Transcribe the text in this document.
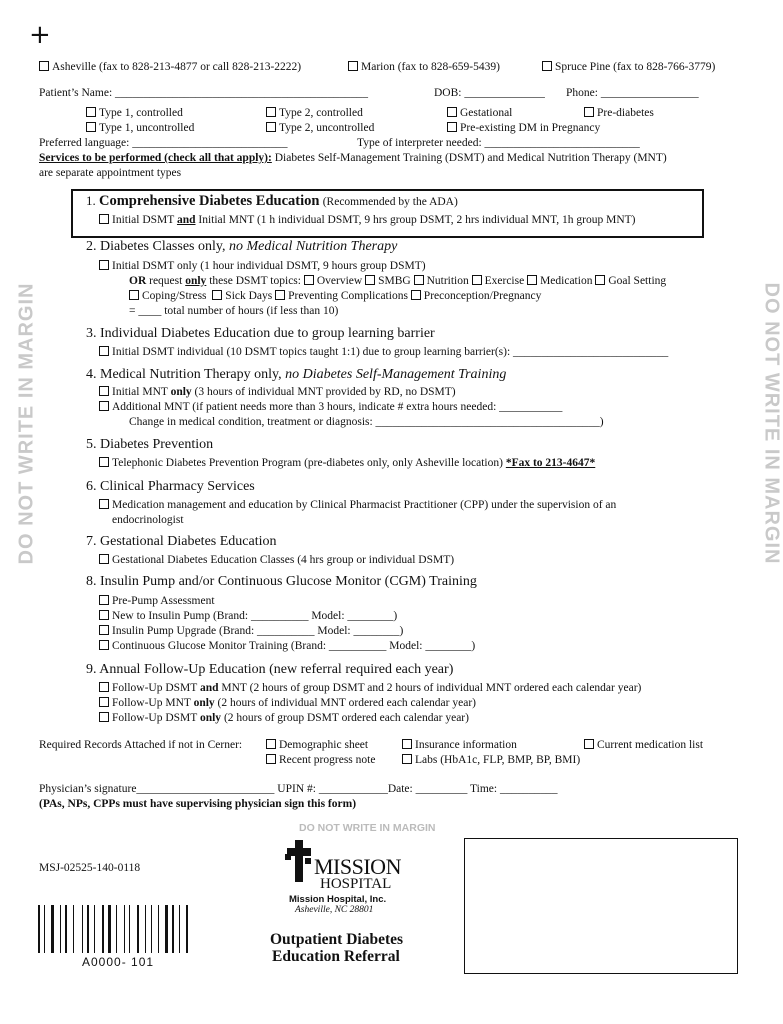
+
DO NOT WRITE IN MARGIN	DO NOT WRITE IN MARGIN
DO NOT WRITE IN MARGIN
Asheville (fax to 828-213-4877 or call 828-213-2222)	Marion (fax to 828-659-5439)	Spruce Pine (fax to 828-766-3779)
Patient’s Name: ____________________________________________	DOB: ______________ Phone: _________________
Type 1, controlled	Type 2, controlled	Gestational	Pre-diabetes
Type 1, uncontrolled	Type 2, uncontrolled	Pre-existing DM in Pregnancy
Preferred language: ___________________________	Type of interpreter needed: ___________________________
Services to be performed (check all that apply): Diabetes Self-Management Training (DSMT) and Medical Nutrition Therapy (MNT)
are separate appointment types
1. Comprehensive Diabetes Education (Recommended by the ADA)
Initial DSMT and Initial MNT (1 h individual DSMT, 9 hrs group DSMT, 2 hrs individual MNT, 1h group MNT)
2. Diabetes Classes only, no Medical Nutrition Therapy
Initial DSMT only (1 hour individual DSMT, 9 hours group DSMT)
OR request only these DSMT topics: Overview SMBG Nutrition Exercise Medication Goal Setting
Coping/Stress Sick Days Preventing Complications Preconception/Pregnancy
= ____ total number of hours (if less than 10)
3. Individual Diabetes Education due to group learning barrier
Initial DSMT individual (10 DSMT topics taught 1:1) due to group learning barrier(s): ___________________________
4. Medical Nutrition Therapy only, no Diabetes Self-Management Training
Initial MNT only (3 hours of individual MNT provided by RD, no DSMT)
Additional MNT (if patient needs more than 3 hours, indicate # extra hours needed: ___________
Change in medical condition, treatment or diagnosis: _______________________________________)
5. Diabetes Prevention
Telephonic Diabetes Prevention Program (pre-diabetes only, only Asheville location) *Fax to 213-4647*
6. Clinical Pharmacy Services
Medication management and education by Clinical Pharmacist Practitioner (CPP) under the supervision of an
endocrinologist
7. Gestational Diabetes Education
Gestational Diabetes Education Classes (4 hrs group or individual DSMT)
8. Insulin Pump and/or Continuous Glucose Monitor (CGM) Training
Pre-Pump Assessment
New to Insulin Pump (Brand: __________ Model: ________)
Insulin Pump Upgrade (Brand: __________ Model: ________)
Continuous Glucose Monitor Training (Brand: __________ Model: ________)
9. Annual Follow-Up Education (new referral required each year)
Follow-Up DSMT and MNT (2 hours of group DSMT and 2 hours of individual MNT ordered each calendar year)
Follow-Up MNT only (2 hours of individual MNT ordered each calendar year)
Follow-Up DSMT only (2 hours of group DSMT ordered each calendar year)
Required Records Attached if not in Cerner:	Demographic sheet	Insurance information	Current medication list
Recent progress note	Labs (HbA1c, FLP, BMP, BP, BMI)
Physician’s signature________________________ UPIN #: ____________Date: _________ Time: __________
(PAs, NPs, CPPs must have supervising physician sign this form)
MSJ-02525-140-0118
A0000- 101
MISSION
HOSPITAL
Mission Hospital, Inc.
Asheville, NC 28801
Outpatient Diabetes
Education Referral
